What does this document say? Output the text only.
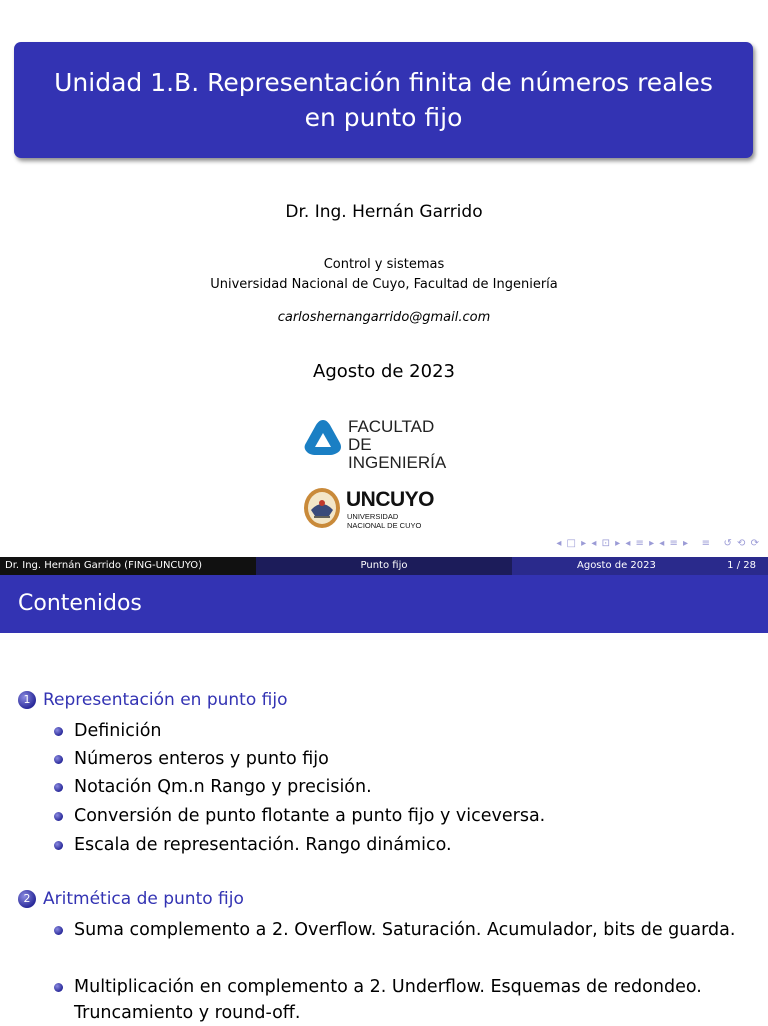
Unidad 1.B. Representación finita de números reales en punto fijo
Dr. Ing. Hernán Garrido
Control y sistemas
Universidad Nacional de Cuyo, Facultad de Ingeniería
carloshernangarrido@gmail.com
Agosto de 2023
FACULTAD
DE INGENIERÍA
UNCUYO
UNIVERSIDAD
NACIONAL DE CUYO
◂ □ ▸ ◂ ⊡ ▸ ◂ ≡ ▸ ◂ ≡ ▸   ≡   ↺ ⟲ ⟳
Dr. Ing. Hernán Garrido (FING-UNCUYO)	Punto fijo	Agosto de 2023	1 / 28
Contenidos
1 Representación en punto fijo
Definición
Números enteros y punto fijo
Notación Qm.n Rango y precisión.
Conversión de punto flotante a punto fijo y viceversa.
Escala de representación. Rango dinámico.
2 Aritmética de punto fijo
Suma complemento a 2. Overflow. Saturación. Acumulador, bits de guarda.
Multiplicación en complemento a 2. Underflow. Esquemas de redondeo. Truncamiento y round-off.
